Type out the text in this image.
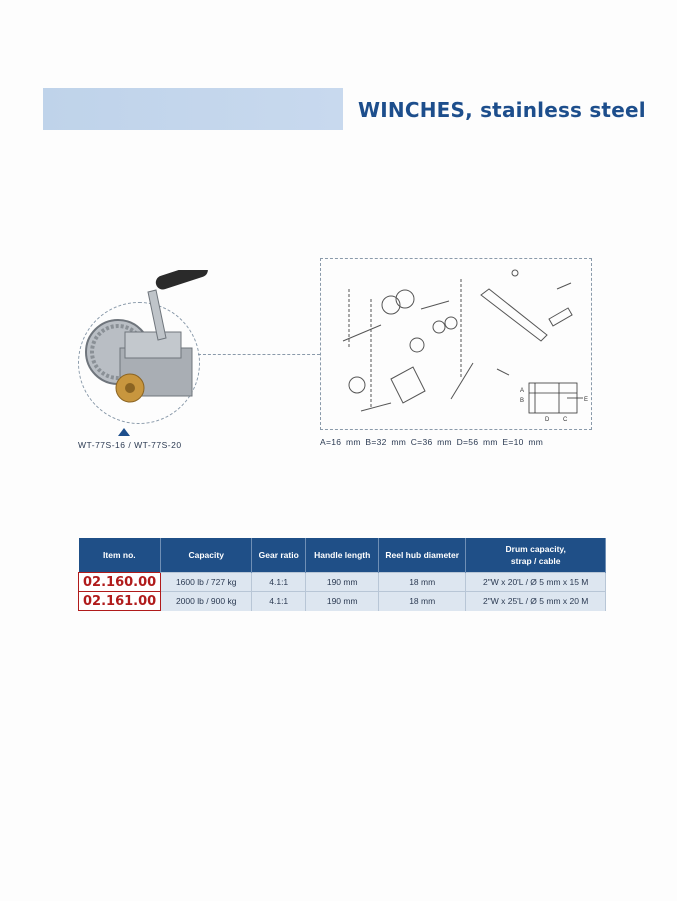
WINCHES, stainless steel
WT-77S-16 / WT-77S-20
A
B
D C
E
A=16 mm B=32 mm C=36 mm D=56 mm E=10 mm
Item no.	Capacity	Gear ratio	Handle length	Reel hub diameter	Drum capacity,
strap / cable
02.160.00	1600 lb / 727 kg	4.1:1	190 mm	18 mm	2"W x 20'L / Ø 5 mm x 15 M
02.161.00	2000 lb / 900 kg	4.1:1	190 mm	18 mm	2"W x 25'L / Ø 5 mm x 20 M
